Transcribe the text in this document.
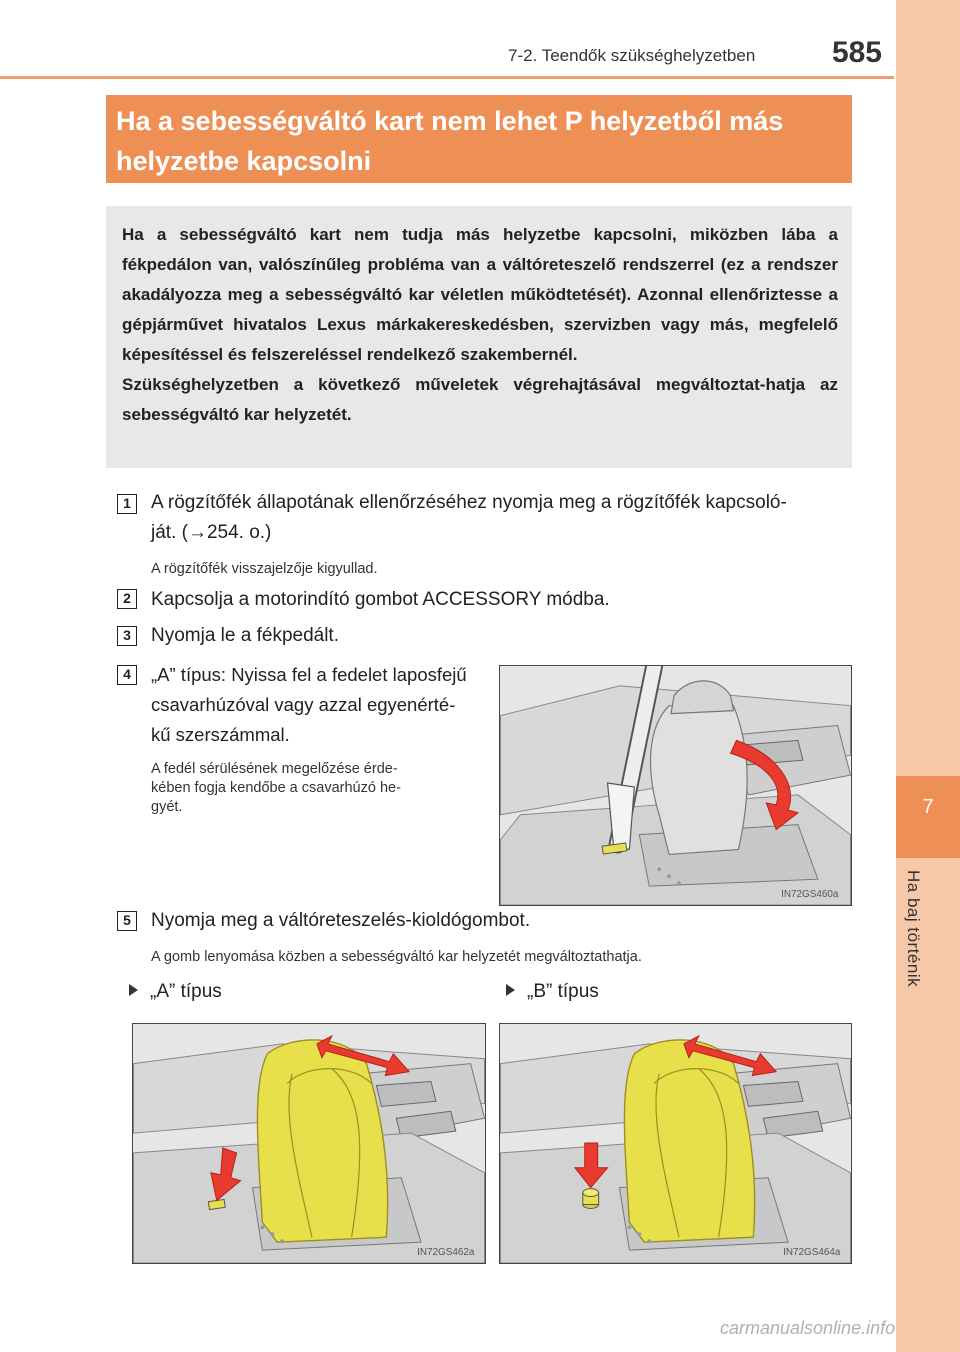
7-2. Teendők szükséghelyzetben	585
7
Ha baj történik
Ha a sebességváltó kart nem lehet P helyzetből más
helyzetbe kapcsolni

Ha a sebességváltó kart nem tudja más helyzetbe kapcsolni, miközben lába a fékpedálon van, valószínűleg probléma van a váltóreteszelő rendszerrel (ez a rendszer akadályozza meg a sebességváltó kar véletlen működtetését). Azonnal ellenőriztesse a gépjárművet hivatalos Lexus márkakereskedésben, szervizben vagy más, megfelelő képesítéssel és felszereléssel rendelkező szakembernél.

Szükséghelyzetben a következő műveletek végrehajtásával megváltoztat-hatja az sebességváltó kar helyzetét.

1	A rögzítőfék állapotának ellenőrzéséhez nyomja meg a rögzítőfék kapcsoló-
ját. (→254. o.)
A rögzítőfék visszajelzője kigyullad.
2	Kapcsolja a motorindító gombot ACCESSORY módba.
3	Nyomja le a fékpedált.
4	„A” típus: Nyissa fel a fedelet laposfejű
csavarhúzóval vagy azzal egyenérté-
kű szerszámmal.
A fedél sérülésének megelőzése érde-
kében fogja kendőbe a csavarhúzó he-
gyét.
IN72GS460a
5	Nyomja meg a váltóreteszelés-kioldógombot.
A gomb lenyomása közben a sebességváltó kar helyzetét megváltoztathatja.
„A” típus	„B” típus
IN72GS462a	IN72GS464a
carmanualsonline.info
